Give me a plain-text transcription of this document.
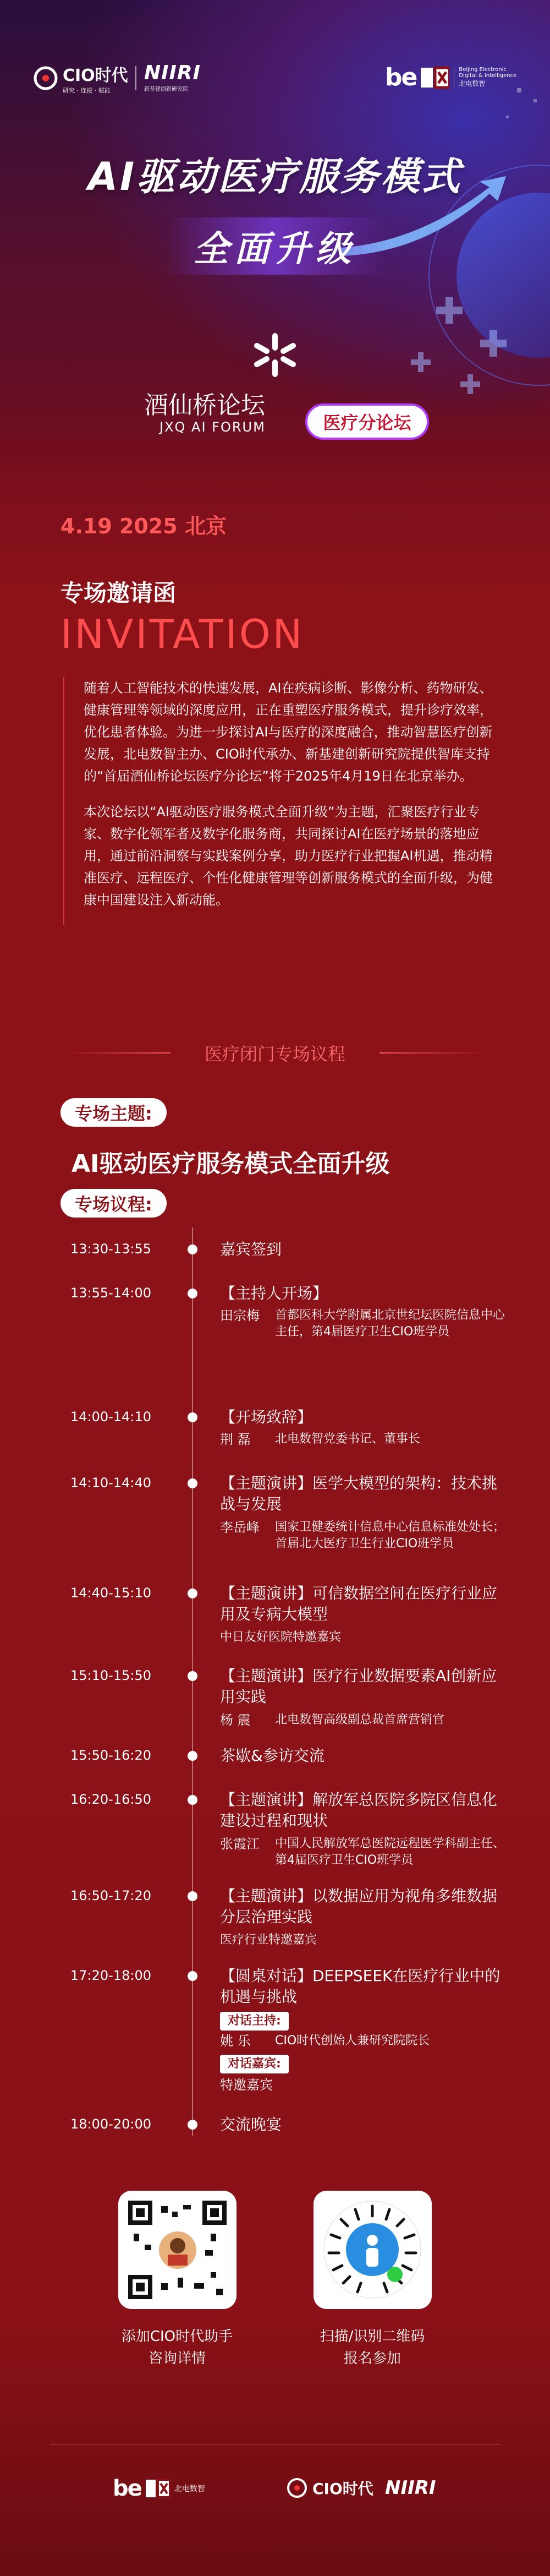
CIO时代
研究 · 连接 · 赋能
NIIRI
新基建创新研究院	be	Beijing Electronic
Digital & Intelligence
北电数智
AI驱动医疗服务模式
全面升级
酒仙桥论坛
JXQ AI FORUM	医疗分论坛
4.19 2025 北京
专场邀请函
INVITATION

随着人工智能技术的快速发展，AI在疾病诊断、影像分析、药物研发、健康管理等领域的深度应用，正在重塑医疗服务模式，提升诊疗效率，优化患者体验。为进一步探讨AI与医疗的深度融合，推动智慧医疗创新发展，北电数智主办、CIO时代承办、新基建创新研究院提供智库支持的“首届酒仙桥论坛医疗分论坛”将于2025年4月19日在北京举办。

本次论坛以“AI驱动医疗服务模式全面升级”为主题，汇聚医疗行业专家、数字化领军者及数字化服务商，共同探讨AI在医疗场景的落地应用，通过前沿洞察与实践案例分享，助力医疗行业把握AI机遇，推动精准医疗、远程医疗、个性化健康管理等创新服务模式的全面升级，为健康中国建设注入新动能。

医疗闭门专场议程
专场主题:
AI驱动医疗服务模式全面升级
专场议程:
13:30-13:55	嘉宾签到
13:55-14:00	【主持人开场】
田宗梅 首都医科大学附属北京世纪坛医院信息中心主任，第4届医疗卫生CIO班学员
14:00-14:10	【开场致辞】
荆 磊 北电数智党委书记、董事长
14:10-14:40	【主题演讲】医学大模型的架构：技术挑战与发展
李岳峰 国家卫健委统计信息中心信息标准处处长；首届北大医疗卫生行业CIO班学员
14:40-15:10	【主题演讲】可信数据空间在医疗行业应用及专病大模型
中日友好医院特邀嘉宾
15:10-15:50	【主题演讲】医疗行业数据要素AI创新应用实践
杨 震 北电数智高级副总裁首席营销官
15:50-16:20	茶歇&参访交流
16:20-16:50	【主题演讲】解放军总医院多院区信息化建设过程和现状
张霞江 中国人民解放军总医院远程医学科副主任、第4届医疗卫生CIO班学员
16:50-17:20	【主题演讲】以数据应用为视角多维数据分层治理实践
医疗行业特邀嘉宾
17:20-18:00	【圆桌对话】DEEPSEEK在医疗行业中的机遇与挑战
对话主持:
姚 乐 CIO时代创始人兼研究院院长
对话嘉宾:
特邀嘉宾
18:00-20:00	交流晚宴
添加CIO时代助手
咨询详情
扫描/识别二维码
报名参加
be	北电数智	CIO时代 NIIRI
